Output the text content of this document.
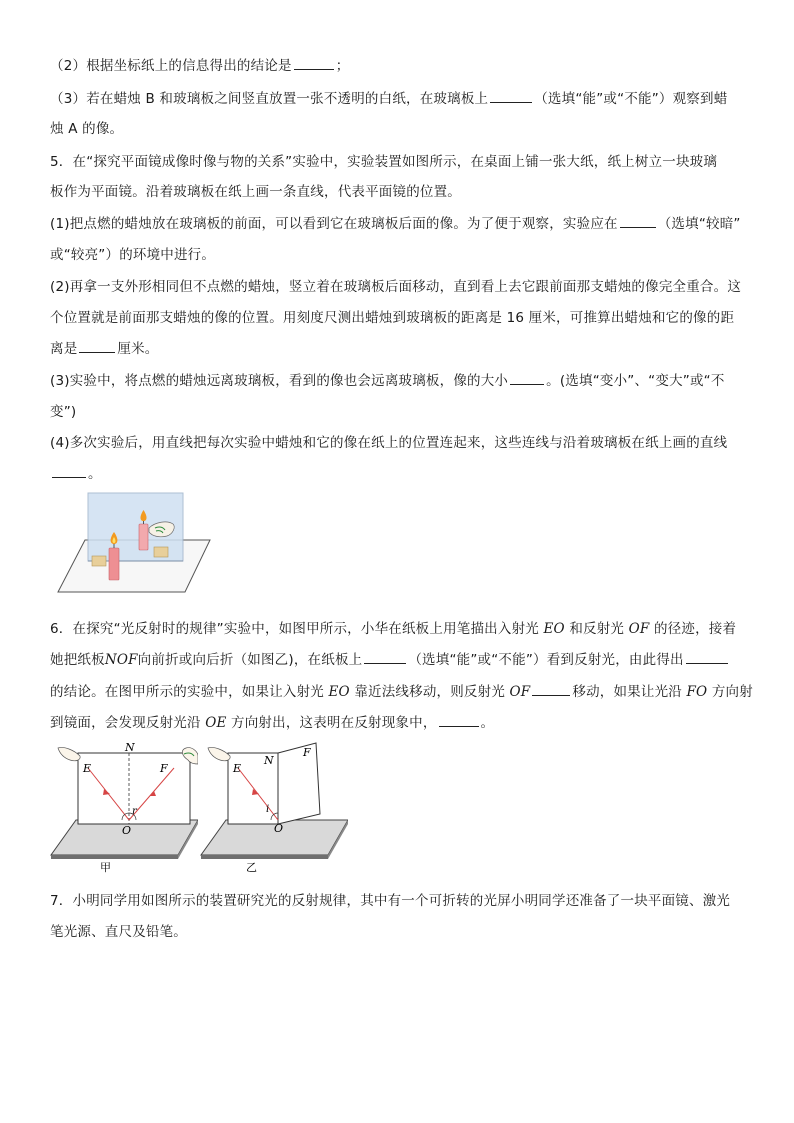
（2）根据坐标纸上的信息得出的结论是	；
（3）若在蜡烛 B 和玻璃板之间竖直放置一张不透明的白纸，在玻璃板上	（选填“能”或“不能”）观察到蜡
烛 A 的像。
5．在“探究平面镜成像时像与物的关系”实验中，实验装置如图所示，在桌面上铺一张大纸，纸上树立一块玻璃
板作为平面镜。沿着玻璃板在纸上画一条直线，代表平面镜的位置。
(1)把点燃的蜡烛放在玻璃板的前面，可以看到它在玻璃板后面的像。为了便于观察，实验应在	（选填“较暗”
或“较亮”）的环境中进行。
(2)再拿一支外形相同但不点燃的蜡烛，竖立着在玻璃板后面移动，直到看上去它跟前面那支蜡烛的像完全重合。这
个位置就是前面那支蜡烛的像的位置。用刻度尺测出蜡烛到玻璃板的距离是 16 厘米，可推算出蜡烛和它的像的距
离是	厘米。
(3)实验中，将点燃的蜡烛远离玻璃板，看到的像也会远离玻璃板，像的大小	。(选填“变小”、“变大”或“不
变”)
(4)多次实验后，用直线把每次实验中蜡烛和它的像在纸上的位置连起来，这些连线与沿着玻璃板在纸上画的直线
。
6．在探究“光反射时的规律”实验中，如图甲所示，小华在纸板上用笔描出入射光 EO 和反射光 OF 的径迹，接着
她把纸板NOF向前折或向后折（如图乙)，在纸板上	（选填“能”或“不能”）看到反射光，由此得出
的结论。在图甲所示的实验中，如果让入射光 EO 靠近法线移动，则反射光 OF	移动，如果让光沿 FO 方向射
到镜面，会发现反射光沿 OE 方向射出，这表明在反射现象中，	。
N
E	F
O
r
甲
N
E
F
O
i
乙
7．小明同学用如图所示的装置研究光的反射规律，其中有一个可折转的光屏小明同学还准备了一块平面镜、激光
笔光源、直尺及铅笔。
